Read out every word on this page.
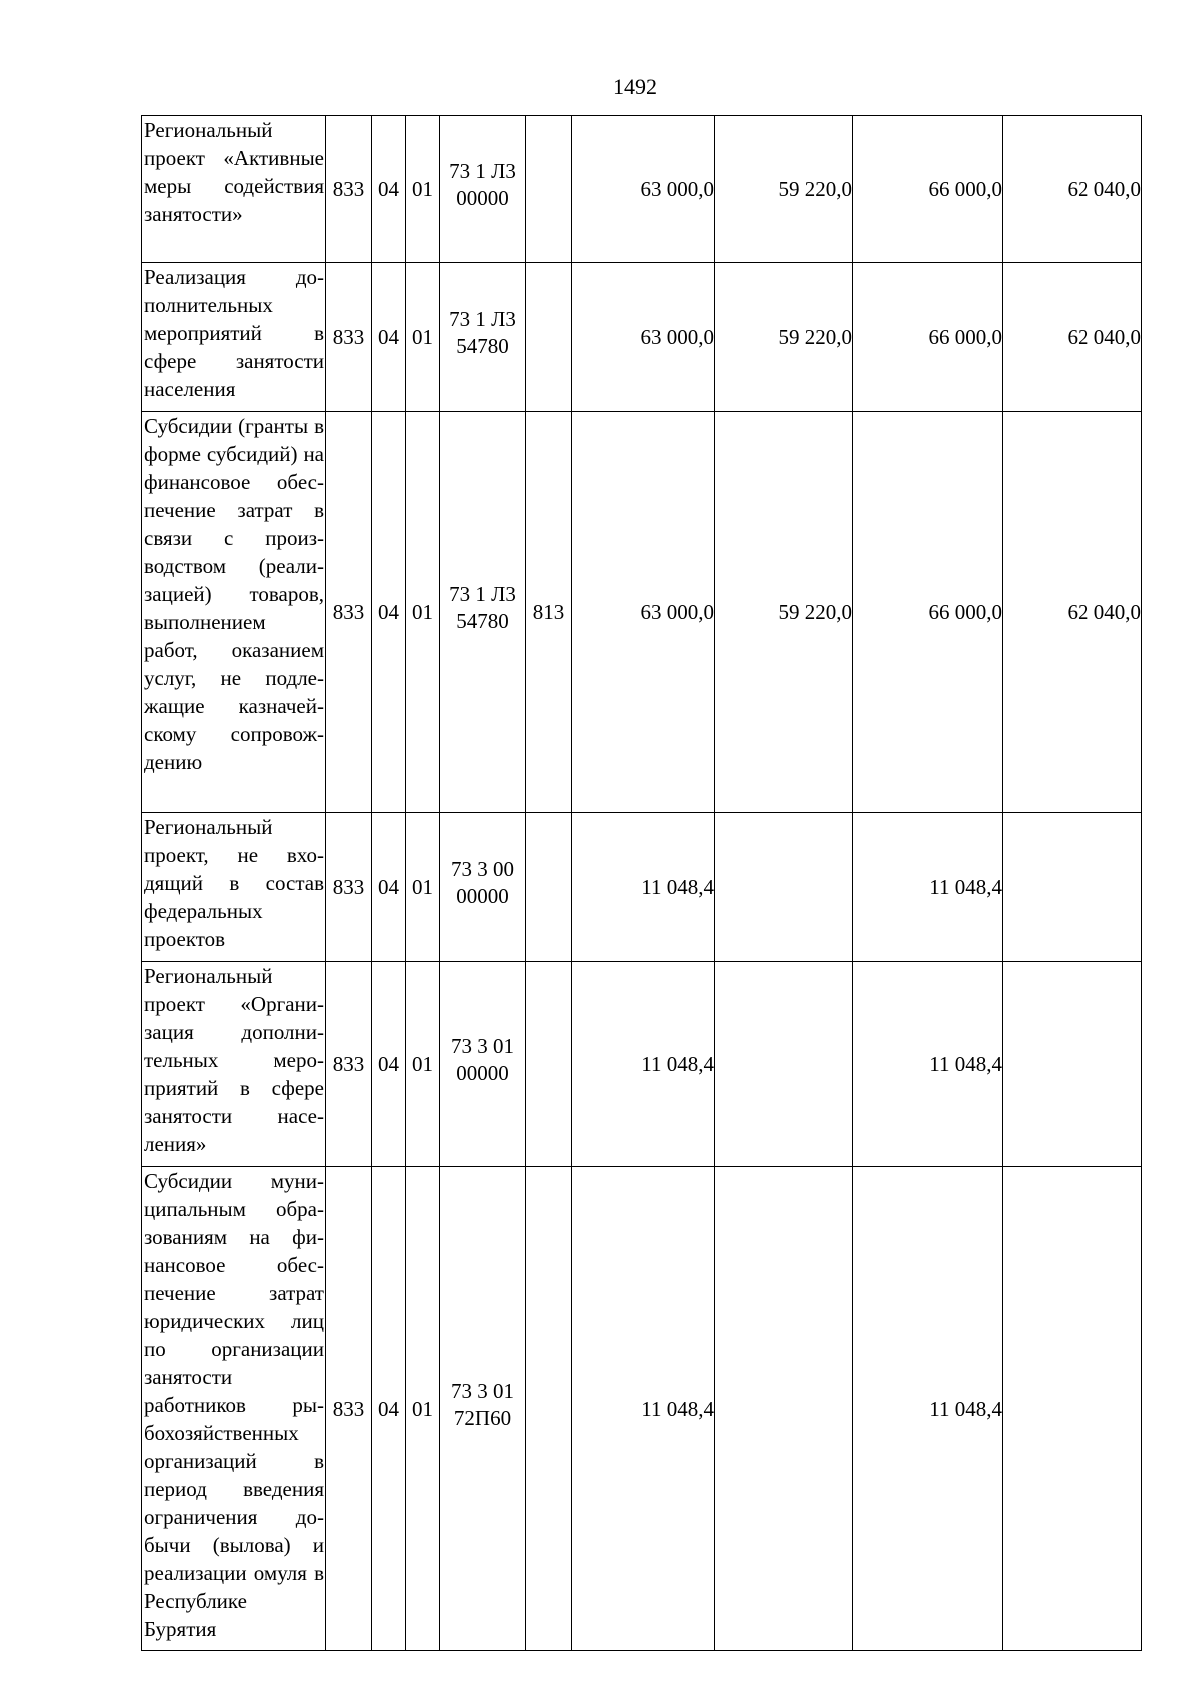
1492
Региональный проект «Активные меры содействия занятости»	833	04	01	73 1 Л3 00000		63 000,0	59 220,0	66 000,0	62 040,0
Реализация дополнительных мероприятий в сфере занятости населения	833	04	01	73 1 Л3 54780		63 000,0	59 220,0	66 000,0	62 040,0
Субсидии (гранты в форме субсидий) на финансовое обеспечение затрат в связи с производством (реализацией) товаров, выполнением работ, оказанием услуг, не подлежащие казначейскому сопровождению	833	04	01	73 1 Л3 54780	813	63 000,0	59 220,0	66 000,0	62 040,0
Региональный проект, не входящий в состав федеральных проектов	833	04	01	73 3 00 00000		11 048,4		11 048,4	
Региональный проект «Организация дополнительных мероприятий в сфере занятости населения»	833	04	01	73 3 01 00000		11 048,4		11 048,4	
Субсидии муниципальным образованиям на финансовое обеспечение затрат юридических лиц по организации занятости работников рыбохозяйственных организаций в период введения ограничения добычи (вылова) и реализации омуля в Республике Бурятия	833	04	01	73 3 01 72П60		11 048,4		11 048,4	
